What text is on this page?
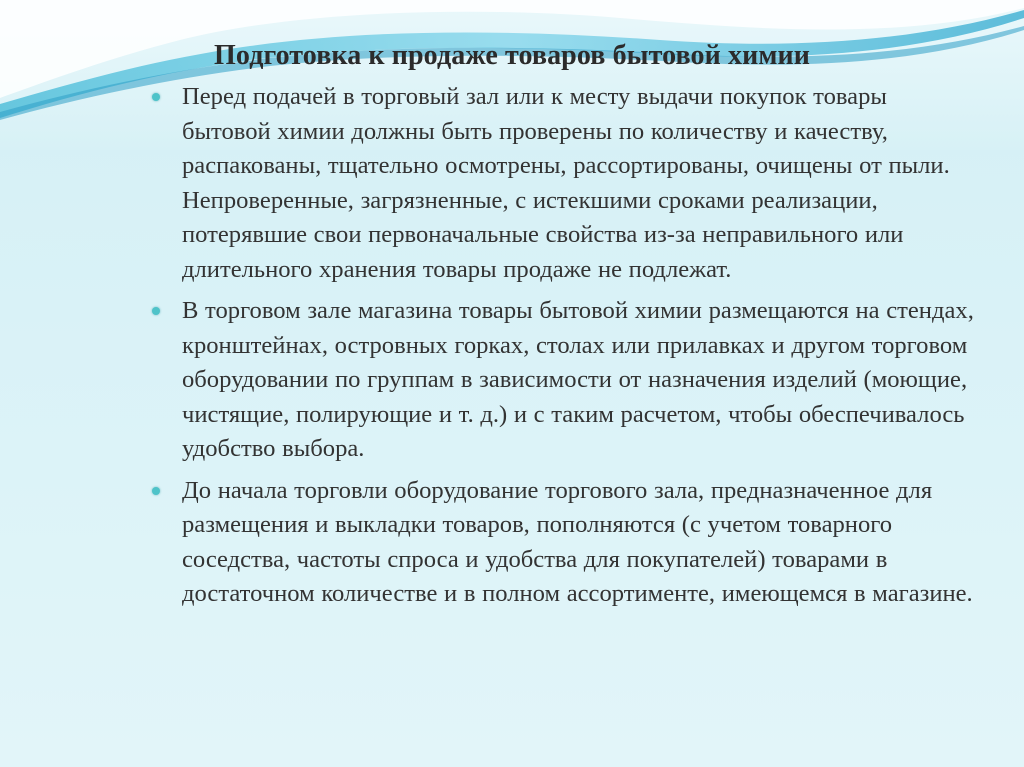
Подготовка к продаже товаров бытовой химии
Перед подачей в торговый зал или к месту выдачи покупок товары бытовой химии должны быть проверены по количеству и качеству, распакованы, тщательно осмотрены, рассортированы, очищены от пыли. Непроверенные, загрязненные, с истекшими сроками реализации, потерявшие свои первоначальные свойства из-за неправильного или длительного хранения товары продаже не подлежат.
В торговом зале магазина товары бытовой химии размещаются на стендах, кронштейнах, островных горках, столах или прилавках и другом торговом оборудовании по группам в зависимости от назначения изделий (моющие, чистящие, полирующие и т. д.) и с таким расчетом, чтобы обеспечивалось удобство выбора.
До начала торговли оборудование торгового зала, предназначенное для размещения и выкладки товаров, пополняются (с учетом товарного соседства, частоты спроса и удобства для покупателей) товарами в достаточном количестве и в полном ассортименте, имеющемся в магазине.
